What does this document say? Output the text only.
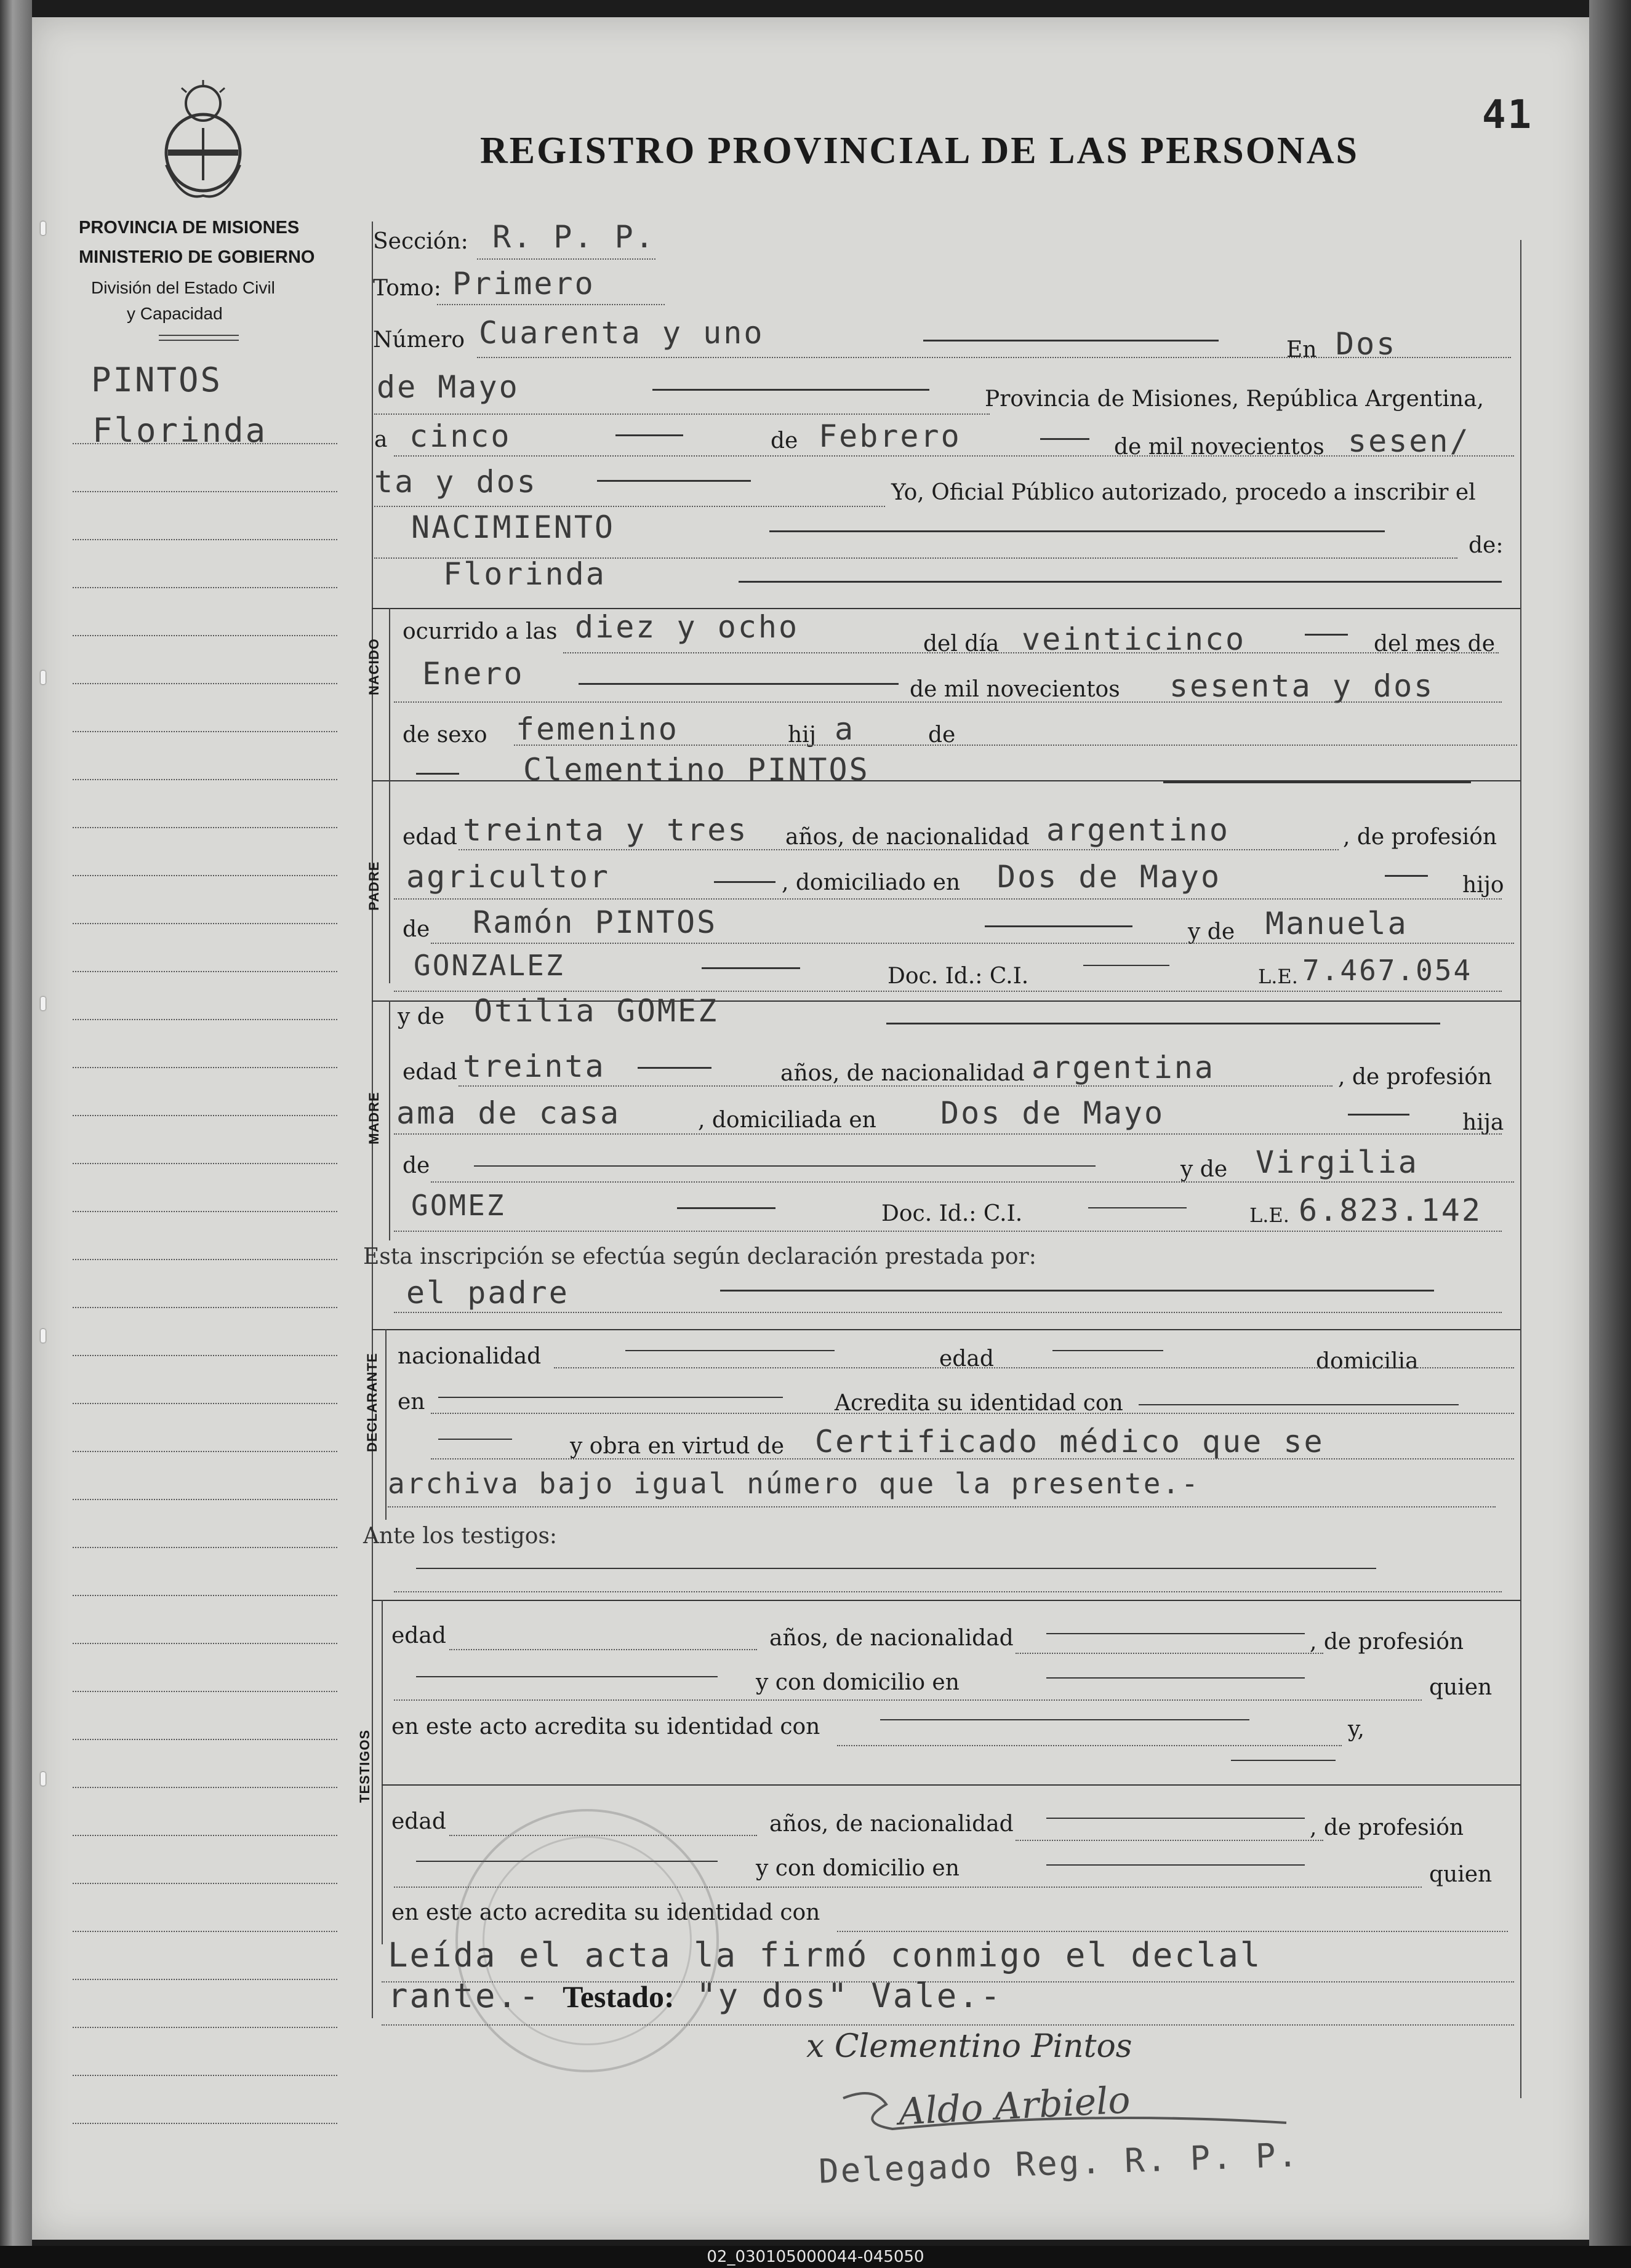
REGISTRO PROVINCIAL DE LAS PERSONAS
41
PROVINCIA DE MISIONES
MINISTERIO DE GOBIERNO
División del Estado Civil
y Capacidad
PINTOS
Florinda
Sección: R. P. P.
Tomo: Primero
Número Cuarenta y uno	En Dos
de Mayo	Provincia de Misiones, República Argentina,
a cinco	de Febrero	de mil novecientos sesen/
ta y dos	Yo, Oficial Público autorizado, procedo a inscribir el
NACIMIENTO
de:
NACIDO
Florinda
ocurrido a las diez y ocho	del día veinticinco	del mes de
Enero	de mil novecientos sesenta y dos
de sexo femenino	hij a	de
PADRE
Clementino PINTOS
edad treinta y tres años, de nacionalidad argentino	, de profesión
agricultor	, domiciliado en Dos de Mayo	hijo
de Ramón PINTOS	y de Manuela
GONZALEZ	Doc. Id.: C.I.	L.E. 7.467.054
MADRE
y de Otilia GOMEZ
edad treinta	años, de nacionalidad argentina	, de profesión
ama de casa	, domiciliada en Dos de Mayo	hija
de	y de Virgilia
GOMEZ	Doc. Id.: C.I.	L.E. 6.823.142
Esta inscripción se efectúa según declaración prestada por:
el padre
DECLARANTE nacionalidad	edad	domicilia
en	Acredita su identidad con
y obra en virtud de Certificado médico que se
archiva bajo igual número que la presente.-
Ante los testigos:
TESTIGOS
edad	años, de nacionalidad	, de profesión
y con domicilio en	quien
en este acto acredita su identidad con	y,
edad	años, de nacionalidad	, de profesión
y con domicilio en	quien
en este acto acredita su identidad con
Leída el acta la firmó conmigo el declal
rante.- Testado: "y dos" Vale.-
x Clementino Pintos
Aldo Arbielo
Delegado Reg. R. P. P.
02_030105000044-045050
